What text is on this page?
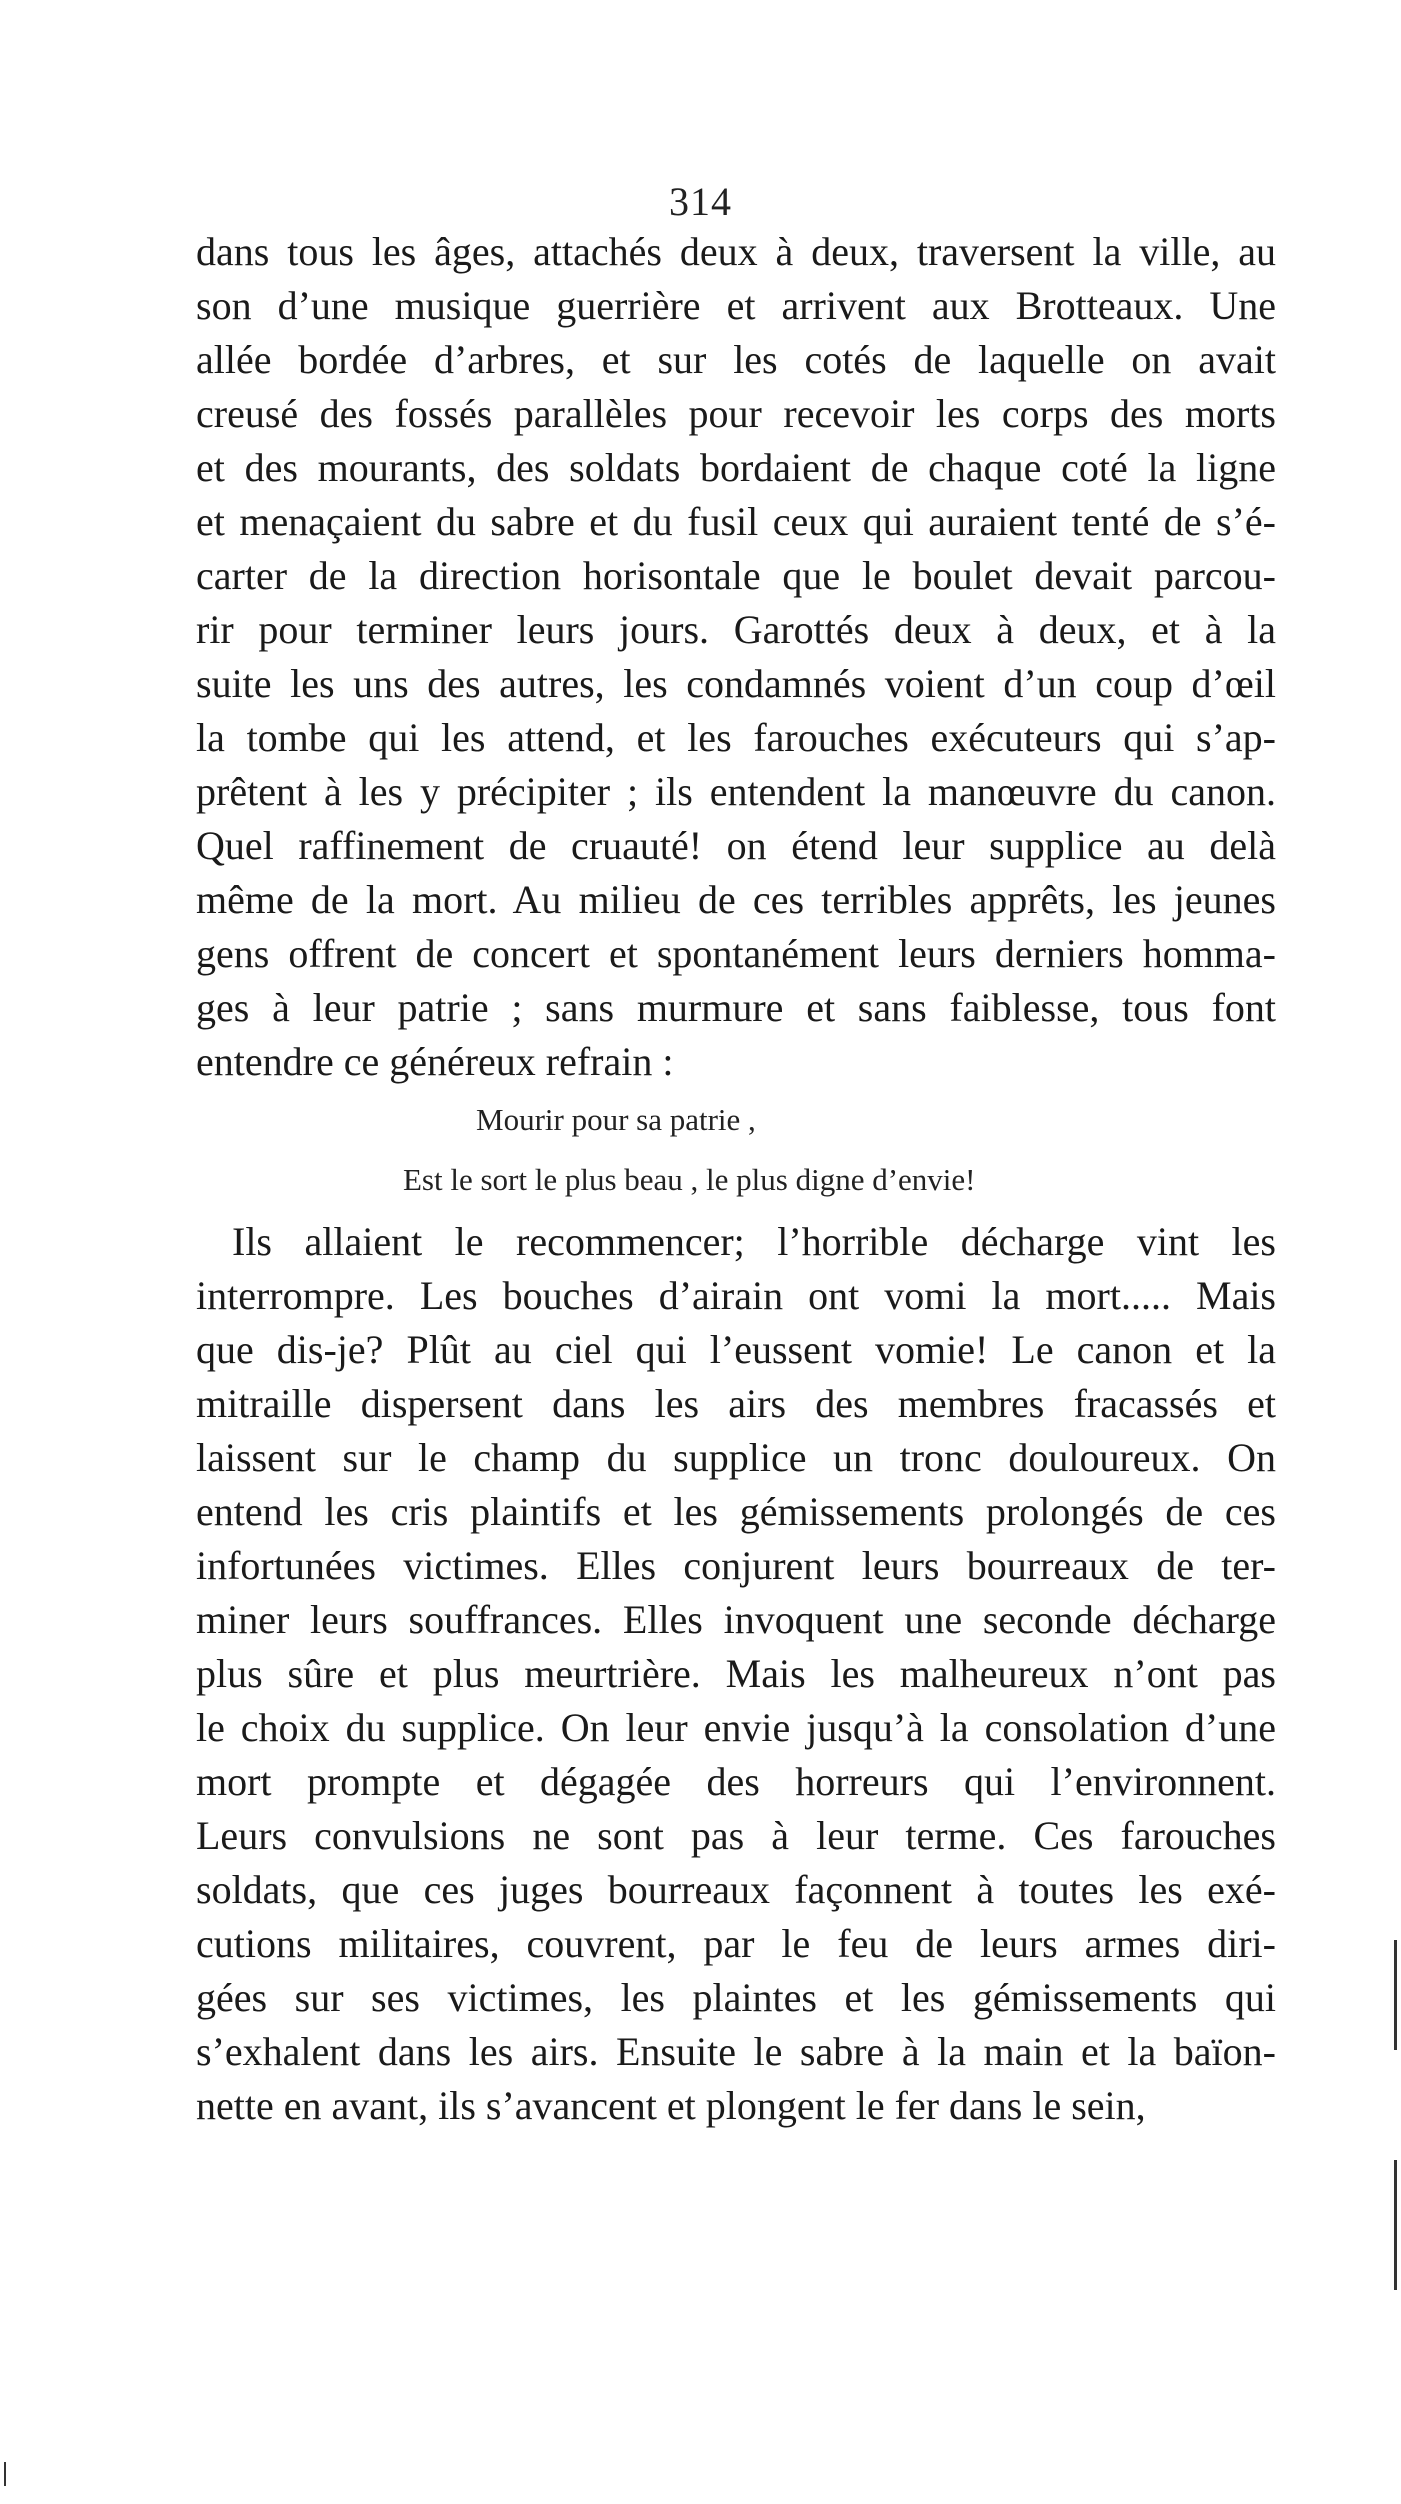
314
dans tous les âges, attachés deux à deux, traversent la ville, au
son d’une musique guerrière et arrivent aux Brotteaux. Une
allée bordée d’arbres, et sur les cotés de laquelle on avait
creusé des fossés parallèles pour recevoir les corps des morts
et des mourants, des soldats bordaient de chaque coté la ligne
et menaçaient du sabre et du fusil ceux qui auraient tenté de s’é-
carter de la direction horisontale que le boulet devait parcou-
rir pour terminer leurs jours. Garottés deux à deux, et à la
suite les uns des autres, les condamnés voient d’un coup d’œil
la tombe qui les attend, et les farouches exécuteurs qui s’ap-
prêtent à les y précipiter ; ils entendent la manœuvre du canon.
Quel raffinement de cruauté! on étend leur supplice au delà
même de la mort. Au milieu de ces terribles apprêts, les jeunes
gens offrent de concert et spontanément leurs derniers homma-
ges à leur patrie ; sans murmure et sans faiblesse, tous font
entendre ce généreux refrain :
Mourir pour sa patrie ,
Est le sort le plus beau , le plus digne d’envie!
Ils allaient le recommencer; l’horrible décharge vint les
interrompre. Les bouches d’airain ont vomi la mort..... Mais
que dis-je? Plût au ciel qui l’eussent vomie! Le canon et la
mitraille dispersent dans les airs des membres fracassés et
laissent sur le champ du supplice un tronc douloureux. On
entend les cris plaintifs et les gémissements prolongés de ces
infortunées victimes. Elles conjurent leurs bourreaux de ter-
miner leurs souffrances. Elles invoquent une seconde décharge
plus sûre et plus meurtrière. Mais les malheureux n’ont pas
le choix du supplice. On leur envie jusqu’à la consolation d’une
mort prompte et dégagée des horreurs qui l’environnent.
Leurs convulsions ne sont pas à leur terme. Ces farouches
soldats, que ces juges bourreaux façonnent à toutes les exé-
cutions militaires, couvrent, par le feu de leurs armes diri-
gées sur ses victimes, les plaintes et les gémissements qui
s’exhalent dans les airs. Ensuite le sabre à la main et la baïon-
nette en avant, ils s’avancent et plongent le fer dans le sein,
